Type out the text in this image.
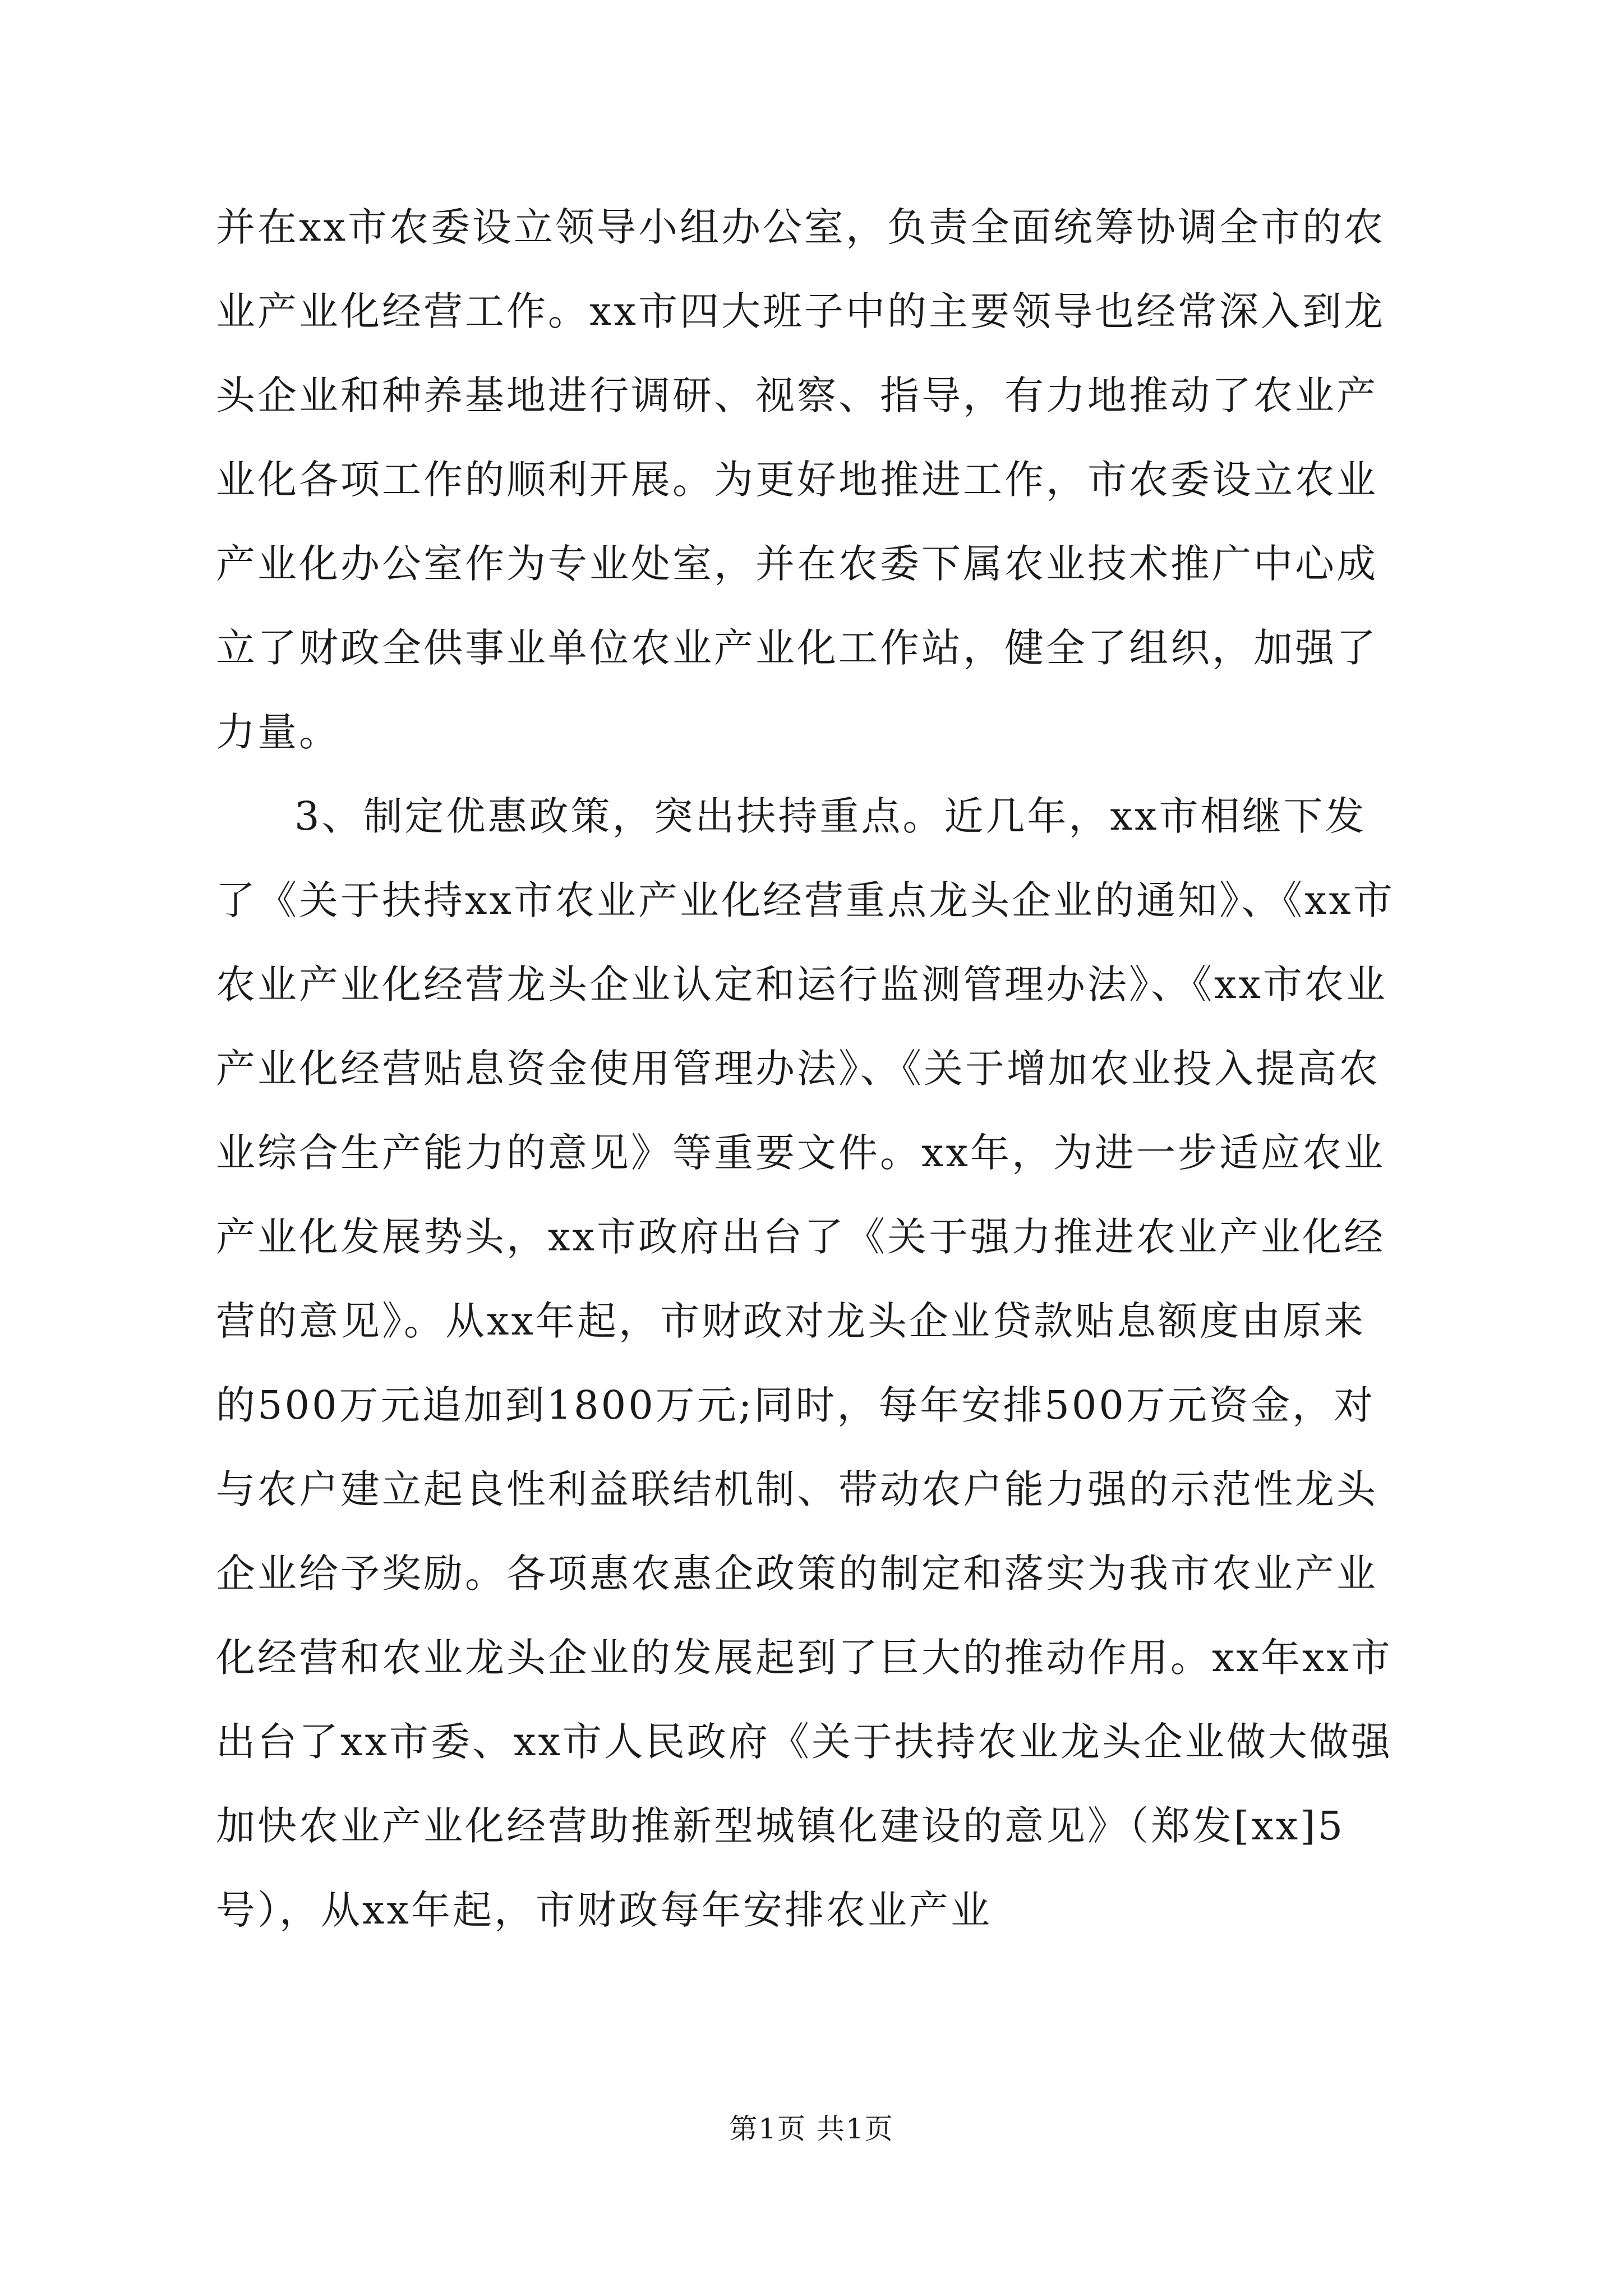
并在xx市农委设立领导小组办公室，负责全面统筹协调全市的农业产业化经营工作。xx市四大班子中的主要领导也经常深入到龙头企业和种养基地进行调研、视察、指导，有力地推动了农业产业化各项工作的顺利开展。为更好地推进工作，市农委设立农业产业化办公室作为专业处室，并在农委下属农业技术推广中心成立了财政全供事业单位农业产业化工作站，健全了组织，加强了力量。

3、制定优惠政策，突出扶持重点。近几年，xx市相继下发了《关于扶持xx市农业产业化经营重点龙头企业的通知》、《xx市农业产业化经营龙头企业认定和运行监测管理办法》、《xx市农业产业化经营贴息资金使用管理办法》、《关于增加农业投入提高农业综合生产能力的意见》等重要文件。xx年，为进一步适应农业产业化发展势头，xx市政府出台了《关于强力推进农业产业化经营的意见》。从xx年起，市财政对龙头企业贷款贴息额度由原来的500万元追加到1800万元;同时，每年安排500万元资金，对与农户建立起良性利益联结机制、带动农户能力强的示范性龙头企业给予奖励。各项惠农惠企政策的制定和落实为我市农业产业化经营和农业龙头企业的发展起到了巨大的推动作用。xx年xx市出台了xx市委、xx市人民政府《关于扶持农业龙头企业做大做强加快农业产业化经营助推新型城镇化建设的意见》（郑发[xx]5号），从xx年起，市财政每年安排农业产业

第1页 共1页
